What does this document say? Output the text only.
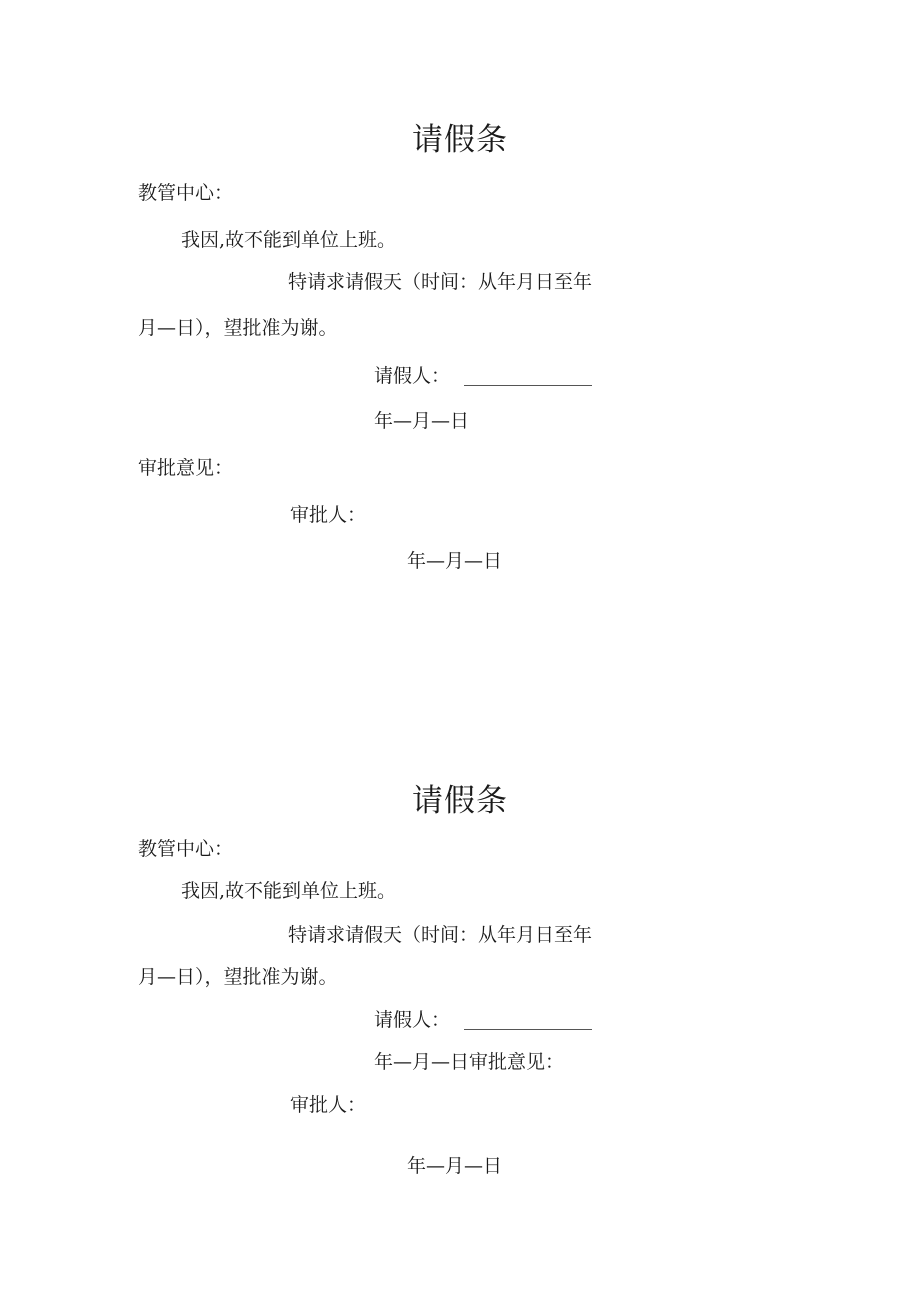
请假条
教管中心：
我因,故不能到单位上班。
特请求请假天（时间：从年月日至年
月—日），望批准为谢。
请假人：
年—月—日
审批意见：
审批人：
年—月—日
请假条
教管中心：
我因,故不能到单位上班。
特请求请假天（时间：从年月日至年
月—日），望批准为谢。
请假人：
年—月—日审批意见：
审批人：
年—月—日
